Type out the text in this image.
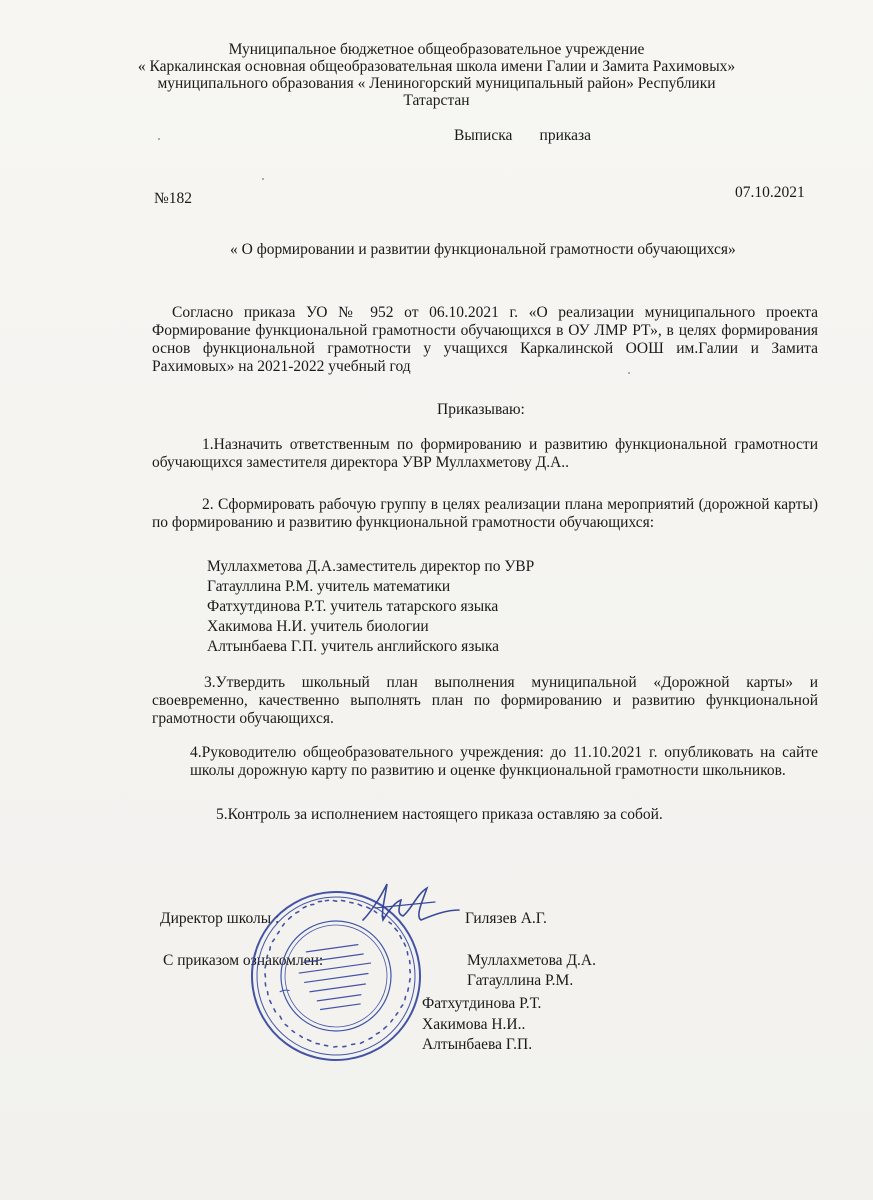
Муниципальное бюджетное общеобразовательное учреждение
« Каркалинская основная общеобразовательная школа имени Галии и Замита Рахимовых»
муниципального образования « Лениногорский муниципальный район» Республики
Татарстан
Выписка       приказа
№182	07.10.2021
« О формировании и развитии функциональной грамотности обучающихся»
Согласно приказа УО № 952 от 06.10.2021 г. «О реализации муниципального проекта Формирование функциональной грамотности обучающихся в ОУ ЛМР РТ», в целях формирования основ функциональной грамотности у учащихся Каркалинской ООШ им.Галии и Замита Рахимовых» на 2021-2022 учебный год
Приказываю:
1.Назначить ответственным по формированию и развитию функциональной грамотности обучающихся заместителя директора УВР Муллахметову Д.А..
2. Сформировать рабочую группу в целях реализации плана мероприятий (дорожной карты) по формированию и развитию функциональной грамотности обучающихся:
Муллахметова Д.А.заместитель директор по УВР
Гатауллина Р.М. учитель математики
Фатхутдинова Р.Т. учитель татарского языка
Хакимова Н.И. учитель биологии
Алтынбаева Г.П. учитель английского языка
3.Утвердить школьный план выполнения муниципальной «Дорожной карты» и своевременно, качественно выполнять план по формированию и развитию функциональной грамотности обучающихся.
4.Руководителю общеобразовательного учреждения: до 11.10.2021 г. опубликовать на сайте школы дорожную карту по развитию и оценке функциональной грамотности школьников.
5.Контроль за исполнением настоящего приказа оставляю за собой.
Директор школы :	Гилязев А.Г.
С приказом ознакомлен:	Муллахметова Д.А.
Гатауллина Р.М.
Фатхутдинова Р.Т.
Хакимова Н.И..
Алтынбаева Г.П.
